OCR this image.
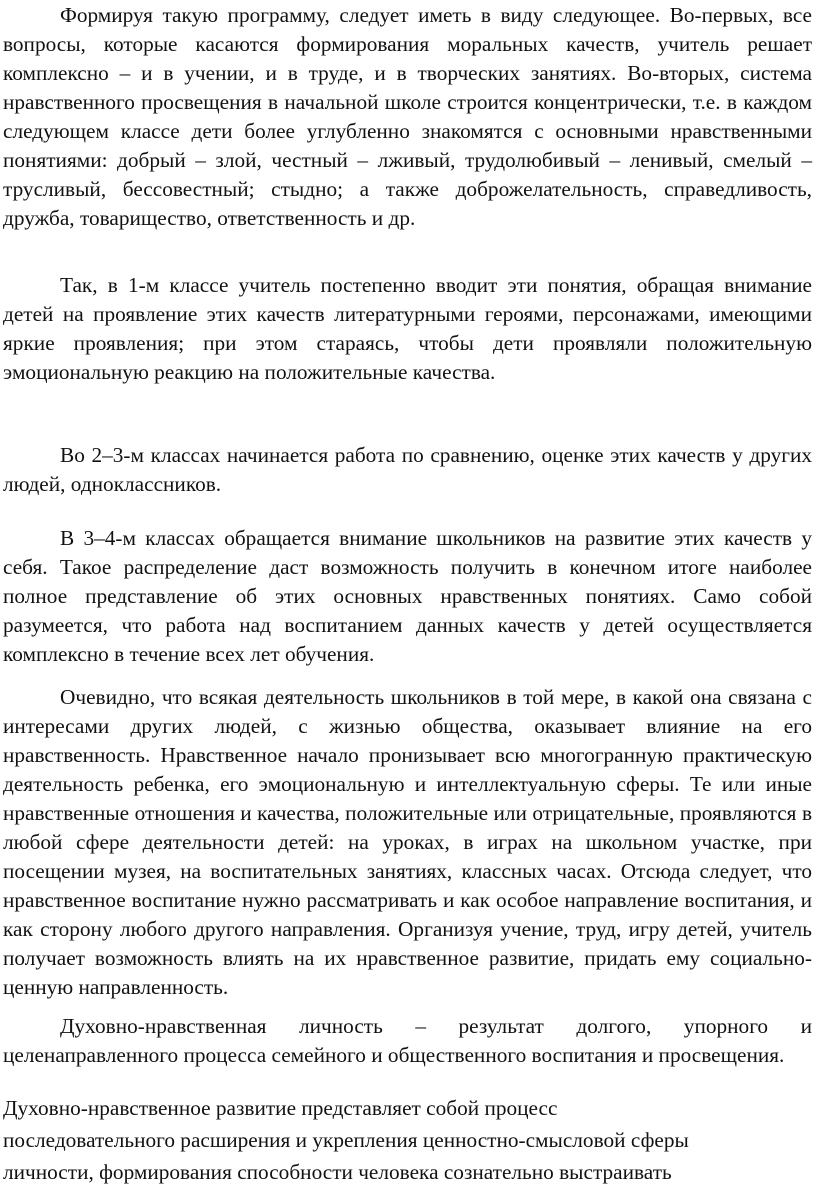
Формируя такую программу, следует иметь в виду следующее. Во-первых, все вопросы, которые касаются формирования моральных качеств, учитель решает комплексно – и в учении, и в труде, и в творческих занятиях. Во-вторых, система нравственного просвещения в начальной школе строится концентрически, т.е. в каждом следующем классе дети более углубленно знакомятся с основными нравственными понятиями: добрый – злой, честный – лживый, трудолюбивый – ленивый, смелый – трусливый, бессовестный; стыдно; а также доброжелательность, справедливость, дружба, товарищество, ответственность и др.

Так, в 1-м классе учитель постепенно вводит эти понятия, обращая внимание детей на проявление этих качеств литературными героями, персонажами, имеющими яркие проявления; при этом стараясь, чтобы дети проявляли положительную эмоциональную реакцию на положительные качества.

Во 2–3-м классах начинается работа по сравнению, оценке этих качеств у других людей, одноклассников.

В 3–4-м классах обращается внимание школьников на развитие этих качеств у себя. Такое распределение даст возможность получить в конечном итоге наиболее полное представление об этих основных нравственных понятиях. Само собой разумеется, что работа над воспитанием данных качеств у детей осуществляется комплексно в течение всех лет обучения.

Очевидно, что всякая деятельность школьников в той мере, в какой она связана с интересами других людей, с жизнью общества, оказывает влияние на его нравственность. Нравственное начало пронизывает всю многогранную практическую деятельность ребенка, его эмоциональную и интеллектуальную сферы. Те или иные нравственные отношения и качества, положительные или отрицательные, проявляются в любой сфере деятельности детей: на уроках, в играх на школьном участке, при посещении музея, на воспитательных занятиях, классных часах. Отсюда следует, что нравственное воспитание нужно рассматривать и как особое направление воспитания, и как сторону любого другого направления. Организуя учение, труд, игру детей, учитель получает возможность влиять на их нравственное развитие, придать ему социально-ценную направленность.

Духовно-нравственная личность – результат долгого, упорного и целенаправленного процесса семейного и общественного воспитания и просвещения.

Духовно-нравственное развитие представляет собой процесс
последовательного расширения и укрепления ценностно-смысловой сферы
личности, формирования способности человека сознательно выстраивать
